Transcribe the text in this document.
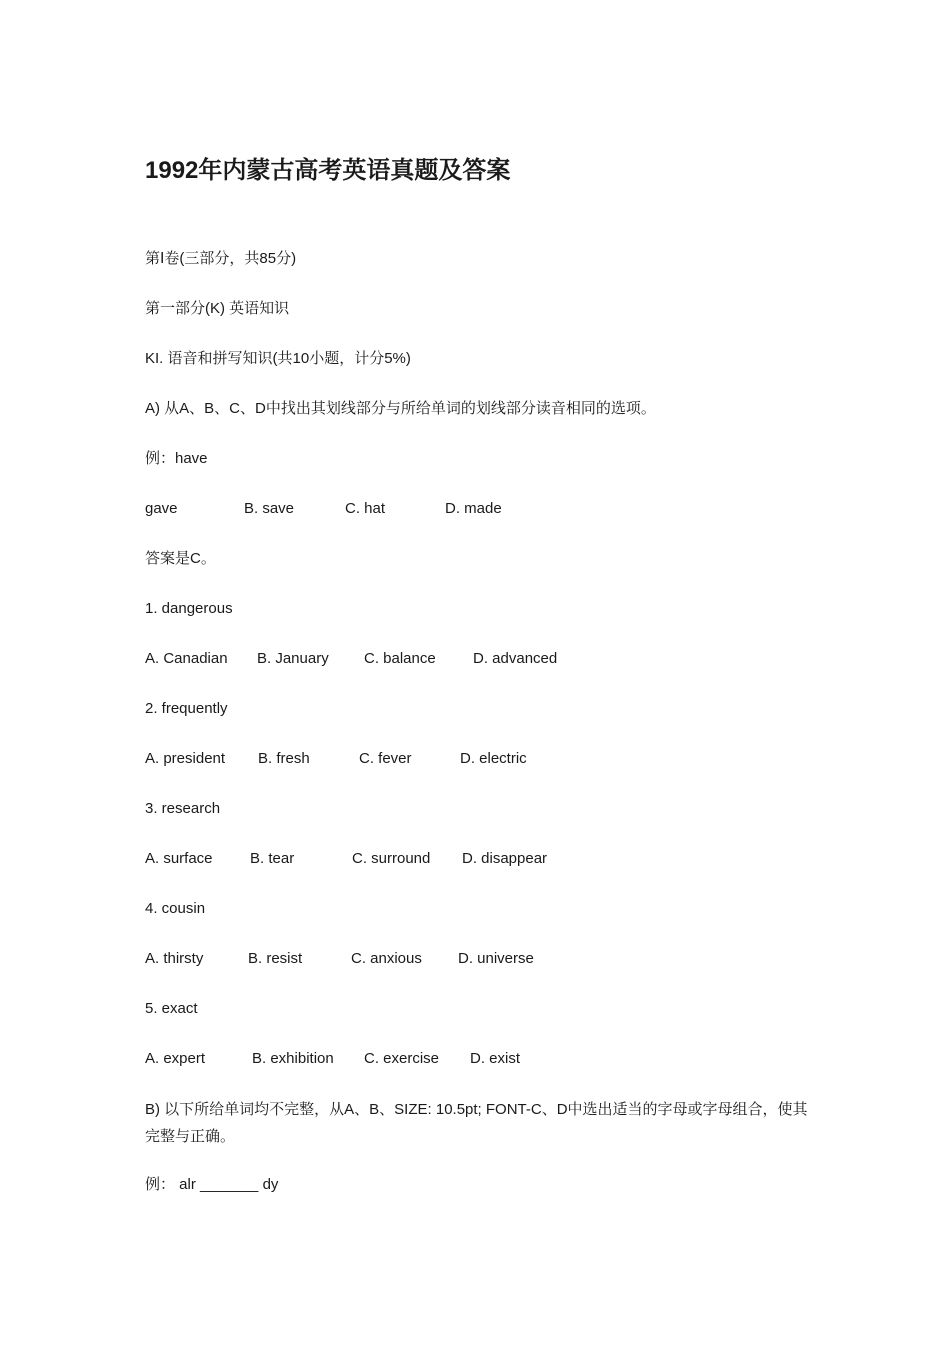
1992年内蒙古高考英语真题及答案
第Ⅰ卷(三部分，共85分)
第一部分(K) 英语知识
KI. 语音和拼写知识(共10小题，计分5%)
A) 从A、B、C、D中找出其划线部分与所给单词的划线部分读音相同的选项。
例：have
gave	B. save	C. hat	D. made
答案是C。
1. dangerous
A. Canadian B. January C. balance D. advanced
2. frequently
A. president B. fresh	C. fever	D. electric
3. research
A. surface B. tear	C. surround D. disappear
4. cousin
A. thirsty	B. resist	C. anxious D. universe
5. exact
A. expert	B. exhibition C. exercise D. exist
B) 以下所给单词均不完整，从A、B、SIZE: 10.5pt; FONT-C、D中选出适当的字母或字母组合，使其完整与正确。
例： alr _______ dy
